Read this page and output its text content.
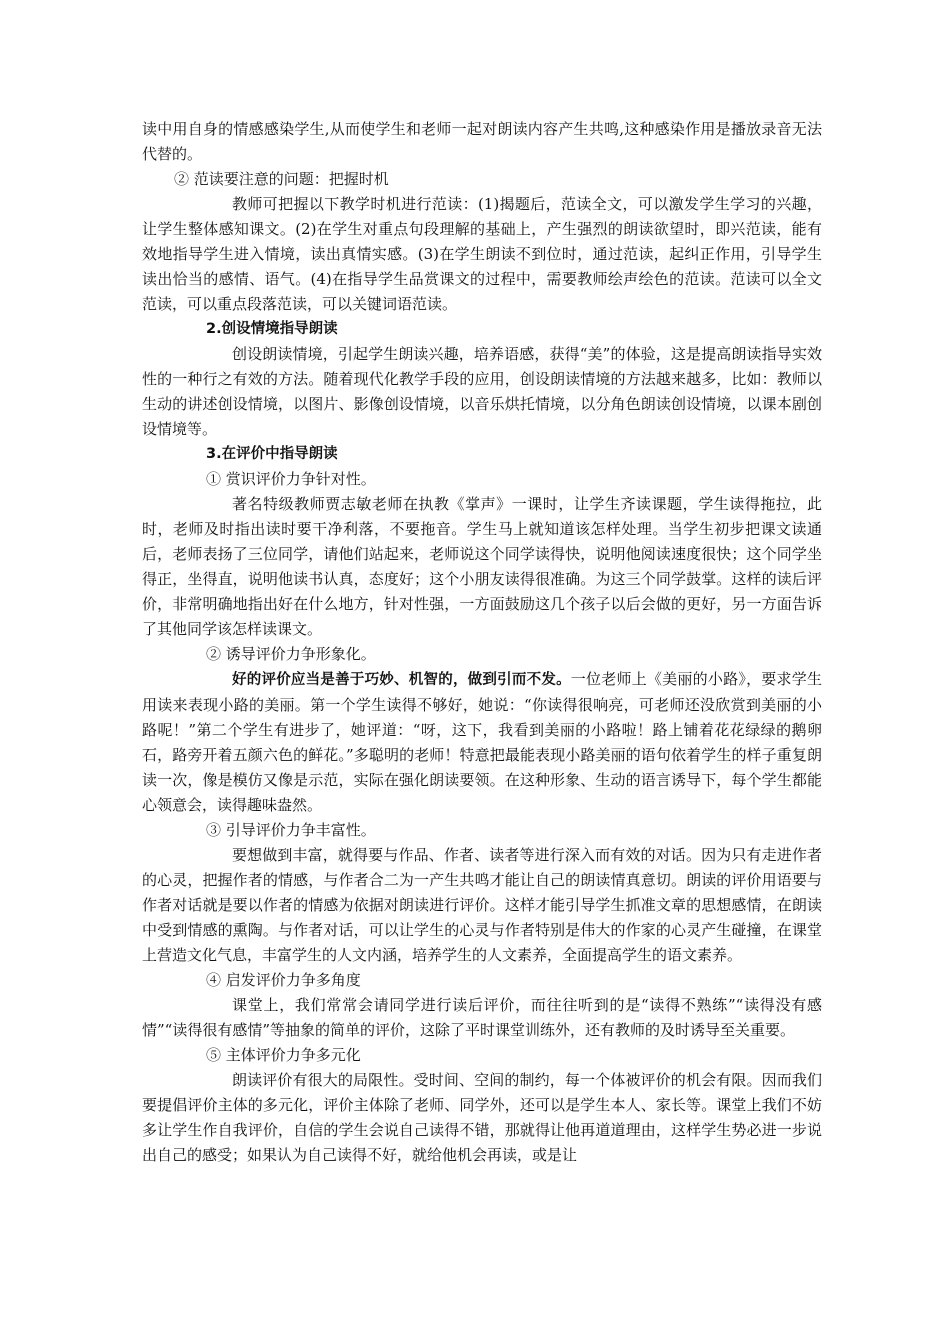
读中用自身的情感感染学生,从而使学生和老师一起对朗读内容产生共鸣,这种感染作用是播放录音无法代替的。

② 范读要注意的问题：把握时机

教师可把握以下教学时机进行范读：(1)揭题后，范读全文，可以激发学生学习的兴趣，让学生整体感知课文。(2)在学生对重点句段理解的基础上，产生强烈的朗读欲望时，即兴范读，能有效地指导学生进入情境，读出真情实感。(3)在学生朗读不到位时，通过范读，起纠正作用，引导学生读出恰当的感情、语气。(4)在指导学生品赏课文的过程中，需要教师绘声绘色的范读。范读可以全文范读，可以重点段落范读，可以关键词语范读。

2.创设情境指导朗读

创设朗读情境，引起学生朗读兴趣，培养语感，获得“美”的体验，这是提高朗读指导实效性的一种行之有效的方法。随着现代化教学手段的应用，创设朗读情境的方法越来越多，比如：教师以生动的讲述创设情境，以图片、影像创设情境，以音乐烘托情境，以分角色朗读创设情境，以课本剧创设情境等。

3.在评价中指导朗读

① 赏识评价力争针对性。

著名特级教师贾志敏老师在执教《掌声》一课时，让学生齐读课题，学生读得拖拉，此时，老师及时指出读时要干净利落，不要拖音。学生马上就知道该怎样处理。当学生初步把课文读通后，老师表扬了三位同学，请他们站起来，老师说这个同学读得快，说明他阅读速度很快；这个同学坐得正，坐得直，说明他读书认真，态度好；这个小朋友读得很准确。为这三个同学鼓掌。这样的读后评价，非常明确地指出好在什么地方，针对性强，一方面鼓励这几个孩子以后会做的更好，另一方面告诉了其他同学该怎样读课文。

② 诱导评价力争形象化。

好的评价应当是善于巧妙、机智的，做到引而不发。一位老师上《美丽的小路》，要求学生用读来表现小路的美丽。第一个学生读得不够好，她说：“你读得很响亮，可老师还没欣赏到美丽的小路呢！”第二个学生有进步了，她评道：“呀，这下，我看到美丽的小路啦！路上铺着花花绿绿的鹅卵石，路旁开着五颜六色的鲜花。”多聪明的老师！特意把最能表现小路美丽的语句依着学生的样子重复朗读一次，像是模仿又像是示范，实际在强化朗读要领。在这种形象、生动的语言诱导下，每个学生都能心领意会，读得趣味盎然。

③ 引导评价力争丰富性。

要想做到丰富，就得要与作品、作者、读者等进行深入而有效的对话。因为只有走进作者的心灵，把握作者的情感，与作者合二为一产生共鸣才能让自己的朗读情真意切。朗读的评价用语要与作者对话就是要以作者的情感为依据对朗读进行评价。这样才能引导学生抓准文章的思想感情，在朗读中受到情感的熏陶。与作者对话，可以让学生的心灵与作者特别是伟大的作家的心灵产生碰撞，在课堂上营造文化气息，丰富学生的人文内涵，培养学生的人文素养，全面提高学生的语文素养。

④ 启发评价力争多角度

课堂上，我们常常会请同学进行读后评价，而往往听到的是“读得不熟练”“读得没有感情”“读得很有感情”等抽象的简单的评价，这除了平时课堂训练外，还有教师的及时诱导至关重要。

⑤ 主体评价力争多元化

朗读评价有很大的局限性。受时间、空间的制约，每一个体被评价的机会有限。因而我们要提倡评价主体的多元化，评价主体除了老师、同学外，还可以是学生本人、家长等。课堂上我们不妨多让学生作自我评价，自信的学生会说自己读得不错，那就得让他再道道理由，这样学生势必进一步说出自己的感受；如果认为自己读得不好，就给他机会再读，或是让
